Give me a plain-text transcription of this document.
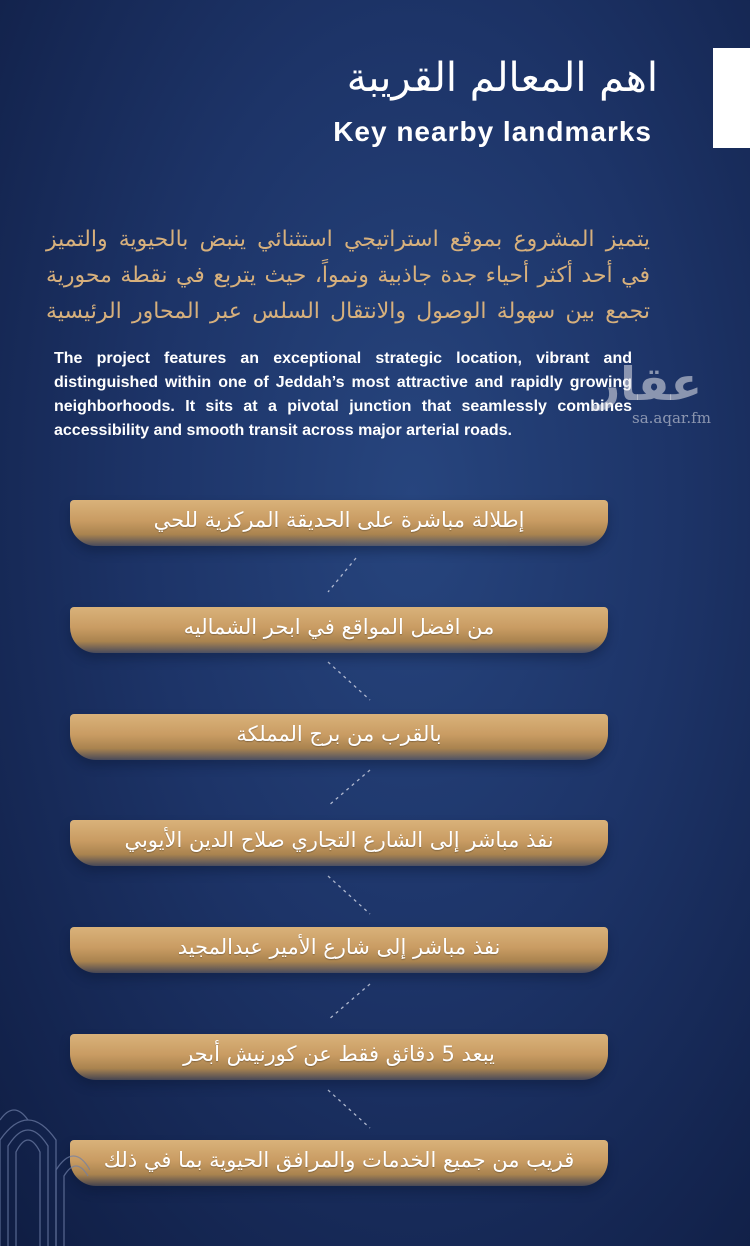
اهم المعالم القريبة
Key nearby landmarks
يتميز المشروع بموقع استراتيجي استثنائي ينبض بالحيوية والتميز
في أحد أكثر أحياء جدة جاذبية ونمواً، حيث يتربع في نقطة محورية
تجمع بين سهولة الوصول والانتقال السلس عبر المحاور الرئيسية
The project features an exceptional strategic location, vibrant and distinguished within one of Jeddah’s most attractive and rapidly growing neighborhoods. It sits at a pivotal junction that seamlessly combines accessibility and smooth transit across major arterial roads.
عقار
sa.aqar.fm
إطلالة مباشرة على الحديقة المركزية للحي
من افضل المواقع في ابحر الشماليه
بالقرب من برج المملكة
نفذ مباشر إلى الشارع التجاري صلاح الدين الأيوبي
نفذ مباشر إلى شارع الأمير عبدالمجيد
يبعد 5 دقائق فقط عن كورنيش أبحر
قريب من جميع الخدمات والمرافق الحيوية بما في ذلك
